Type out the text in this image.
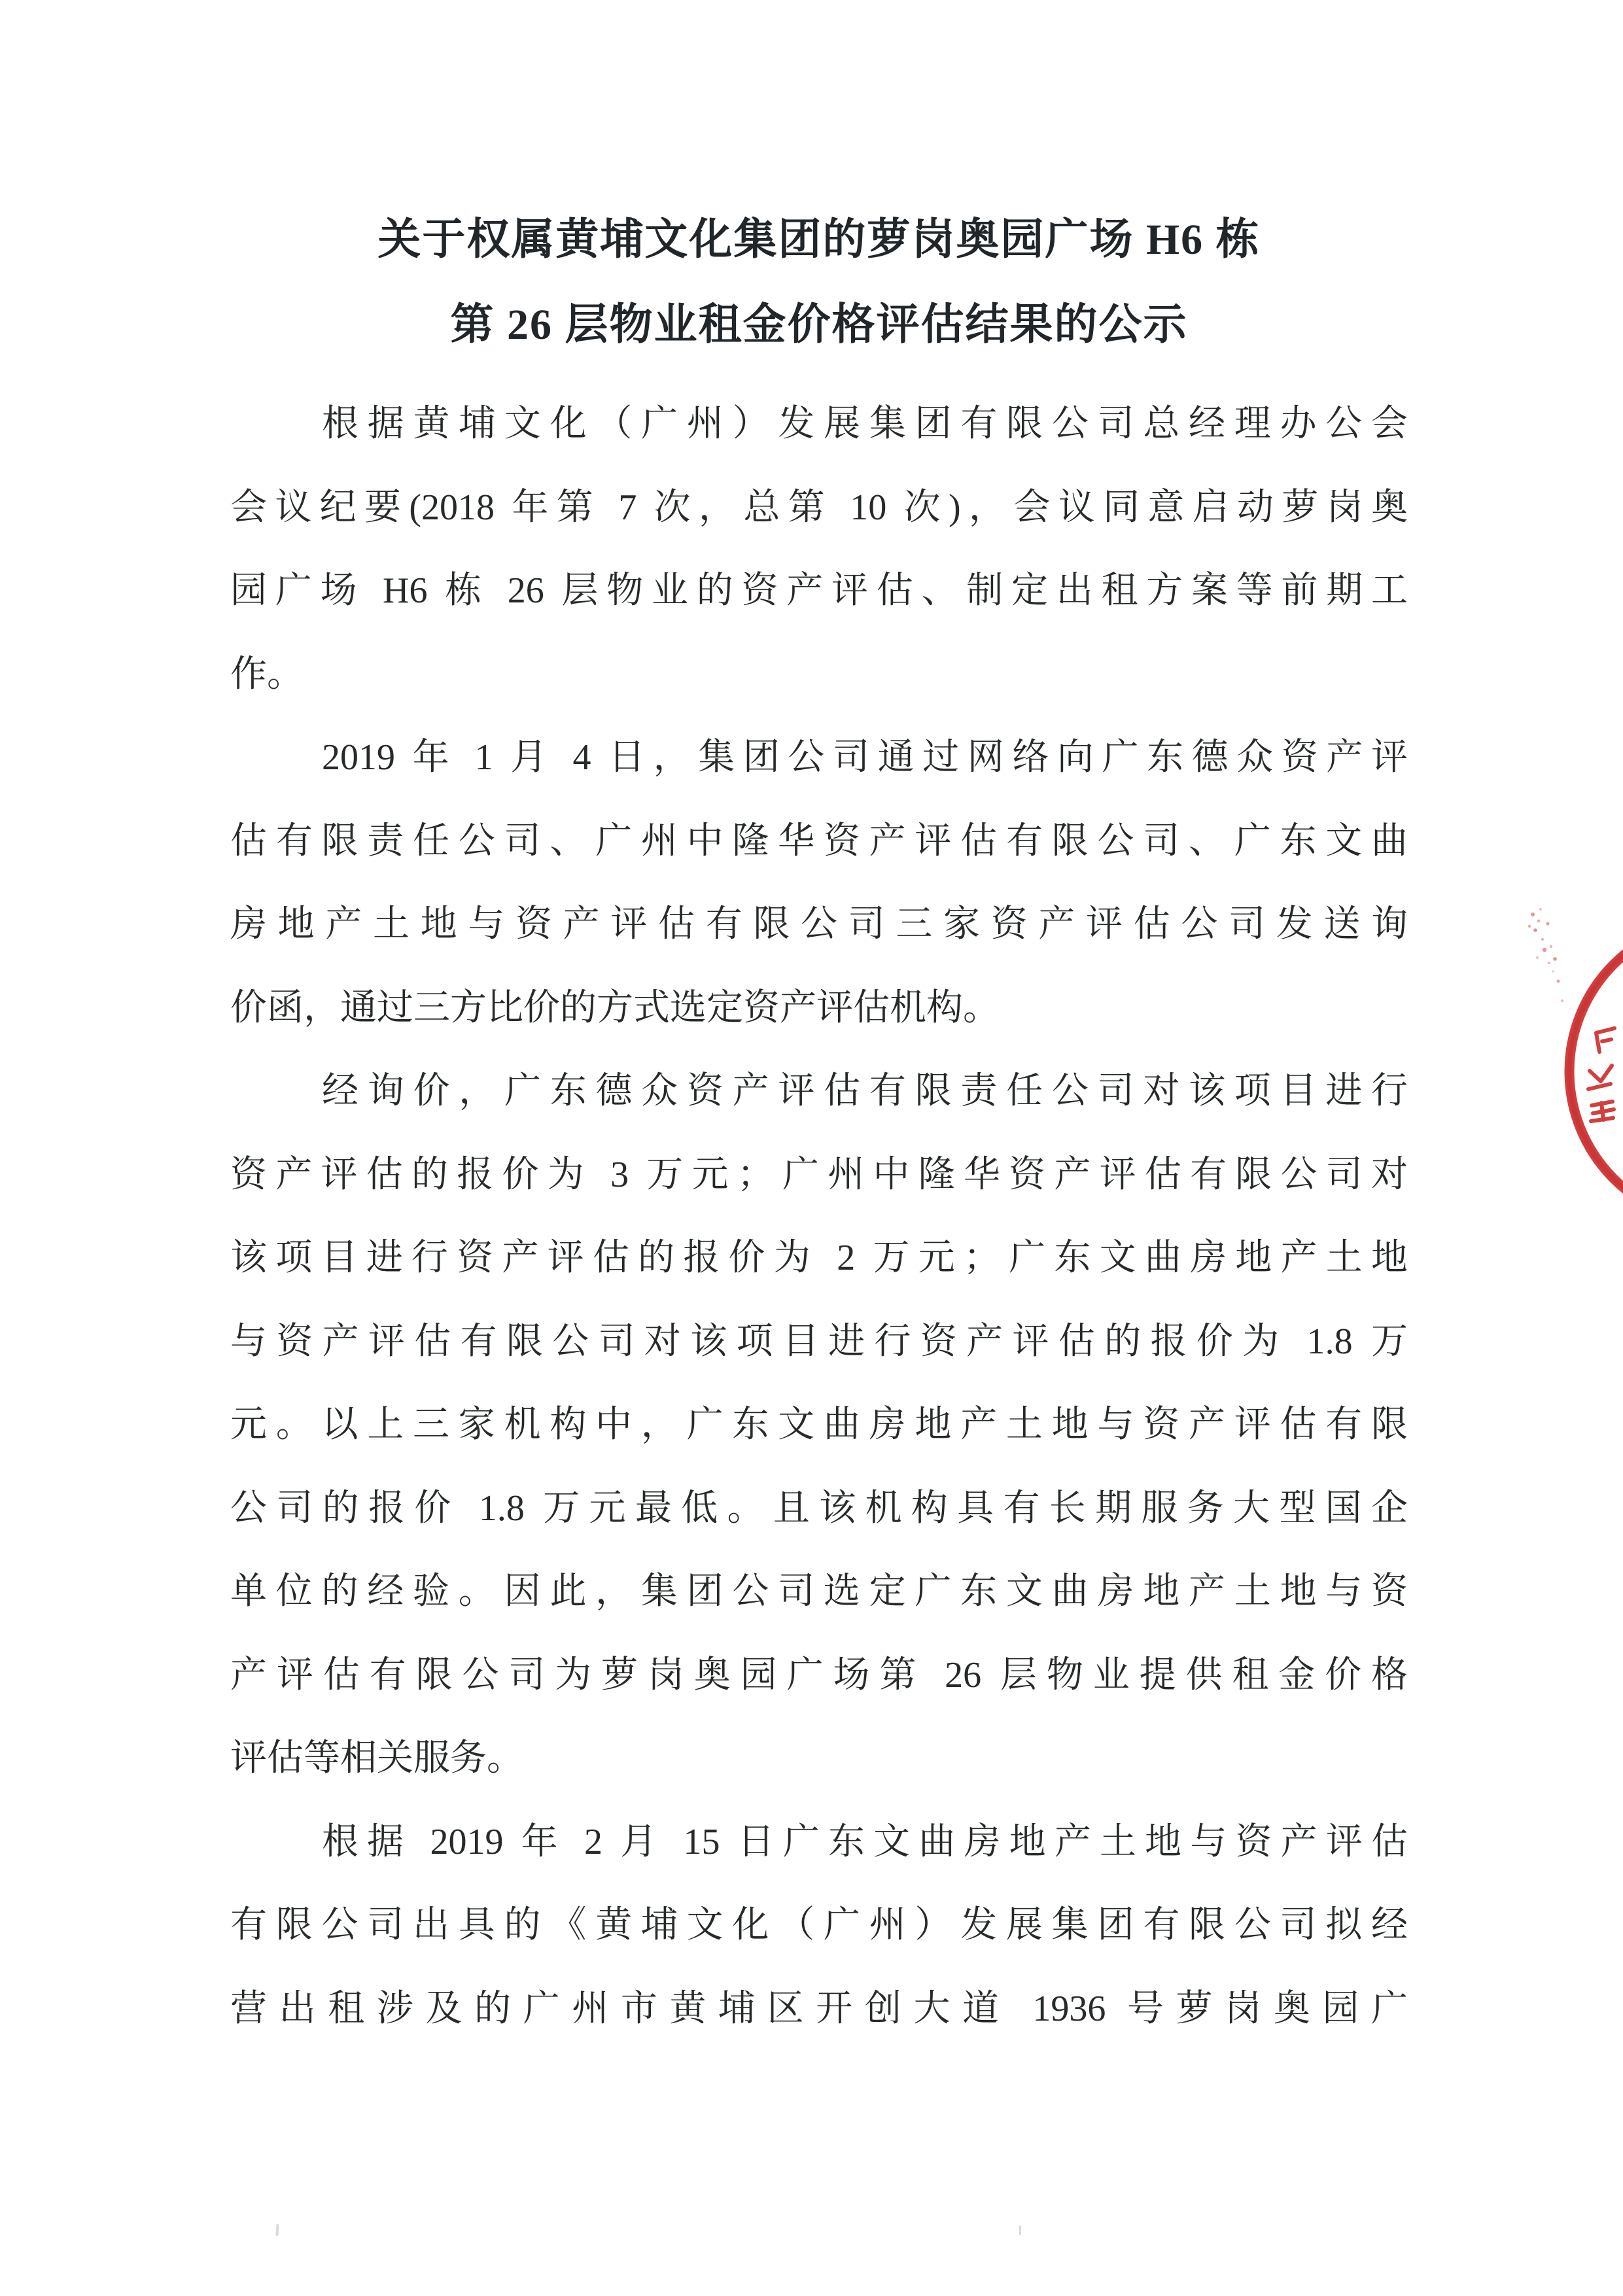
关于权属黄埔文化集团的萝岗奥园广场 H6 栋
第 26 层物业租金价格评估结果的公示
根据黄埔文化（广州）发展集团有限公司总经理办公会
会议纪要(2018 年第 7 次，总第 10 次)，会议同意启动萝岗奥
园广场 H6 栋 26 层物业的资产评估、制定出租方案等前期工
作。
2019 年 1 月 4 日，集团公司通过网络向广东德众资产评
估有限责任公司、广州中隆华资产评估有限公司、广东文曲
房地产土地与资产评估有限公司三家资产评估公司发送询
价函，通过三方比价的方式选定资产评估机构。
经询价，广东德众资产评估有限责任公司对该项目进行
资产评估的报价为 3 万元；广州中隆华资产评估有限公司对
该项目进行资产评估的报价为 2 万元；广东文曲房地产土地
与资产评估有限公司对该项目进行资产评估的报价为 1.8 万
元。以上三家机构中，广东文曲房地产土地与资产评估有限
公司的报价 1.8 万元最低。且该机构具有长期服务大型国企
单位的经验。因此，集团公司选定广东文曲房地产土地与资
产评估有限公司为萝岗奥园广场第 26 层物业提供租金价格
评估等相关服务。
根据 2019 年 2 月 15 日广东文曲房地产土地与资产评估
有限公司出具的《黄埔文化（广州）发展集团有限公司拟经
营出租涉及的广州市黄埔区开创大道 1936 号萝岗奥园广
